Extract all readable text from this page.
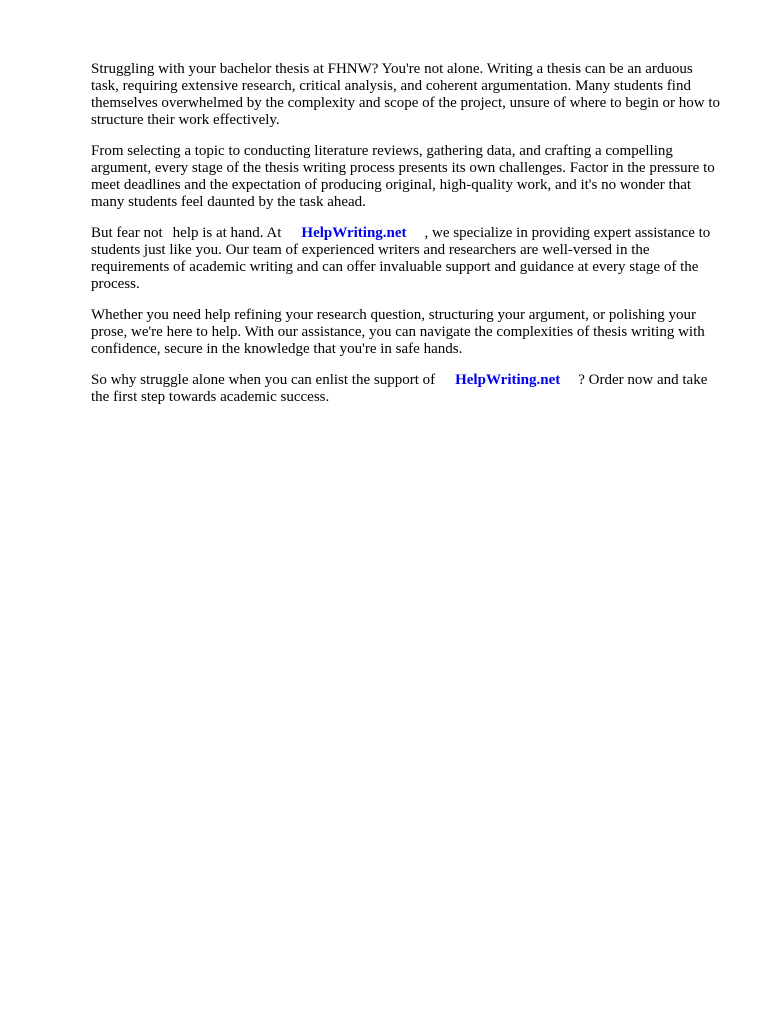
Struggling with your bachelor thesis at FHNW? You're not alone. Writing a thesis can be an arduous task, requiring extensive research, critical analysis, and coherent argumentation. Many students find themselves overwhelmed by the complexity and scope of the project, unsure of where to begin or how to structure their work effectively.

From selecting a topic to conducting literature reviews, gathering data, and crafting a compelling argument, every stage of the thesis writing process presents its own challenges. Factor in the pressure to meet deadlines and the expectation of producing original, high-quality work, and it's no wonder that many students feel daunted by the task ahead.

But fear not help is at hand. At HelpWriting.net , we specialize in providing expert assistance to students just like you. Our team of experienced writers and researchers are well-versed in the requirements of academic writing and can offer invaluable support and guidance at every stage of the process.

Whether you need help refining your research question, structuring your argument, or polishing your prose, we're here to help. With our assistance, you can navigate the complexities of thesis writing with confidence, secure in the knowledge that you're in safe hands.

So why struggle alone when you can enlist the support of HelpWriting.net ? Order now and take the first step towards academic success.
